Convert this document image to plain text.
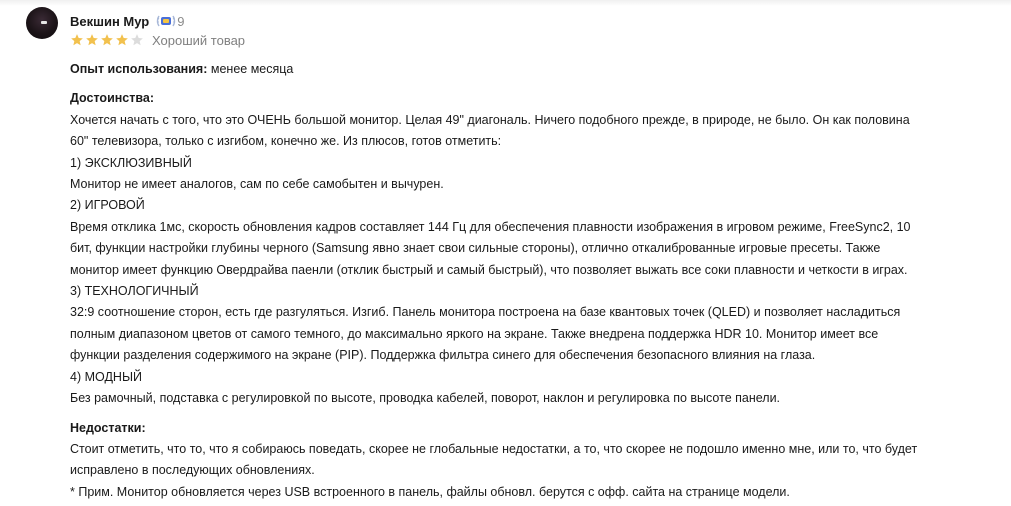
Векшин Мур 9
Хороший товар

Опыт использования: менее месяца

Достоинства:

Хочется начать с того, что это ОЧЕНЬ большой монитор. Целая 49" диагональ. Ничего подобного прежде, в природе, не было. Он как половина

60" телевизора, только с изгибом, конечно же. Из плюсов, готов отметить:

1) ЭКСКЛЮЗИВНЫЙ

Монитор не имеет аналогов, сам по себе самобытен и вычурен.

2) ИГРОВОЙ

Время отклика 1мс, скорость обновления кадров составляет 144 Гц для обеспечения плавности изображения в игровом режиме, FreeSync2, 10

бит, функции настройки глубины черного (Samsung явно знает свои сильные стороны), отлично откалиброванные игровые пресеты. Также

монитор имеет функцию Овердрайва паенли (отклик быстрый и самый быстрый), что позволяет выжать все соки плавности и четкости в играх.

3) ТЕХНОЛОГИЧНЫЙ

32:9 соотношение сторон, есть где разгуляться. Изгиб. Панель монитора построена на базе квантовых точек (QLED) и позволяет насладиться

полным диапазоном цветов от самого темного, до максимально яркого на экране. Также внедрена поддержка HDR 10. Монитор имеет все

функции разделения содержимого на экране (PIP). Поддержка фильтра синего для обеспечения безопасного влияния на глаза.

4) МОДНЫЙ

Без рамочный, подставка с регулировкой по высоте, проводка кабелей, поворот, наклон и регулировка по высоте панели.

Недостатки:

Стоит отметить, что то, что я собираюсь поведать, скорее не глобальные недостатки, а то, что скорее не подошло именно мне, или то, что будет

исправлено в последующих обновлениях.

* Прим. Монитор обновляется через USB встроенного в панель, файлы обновл. берутся с офф. сайта на странице модели.
